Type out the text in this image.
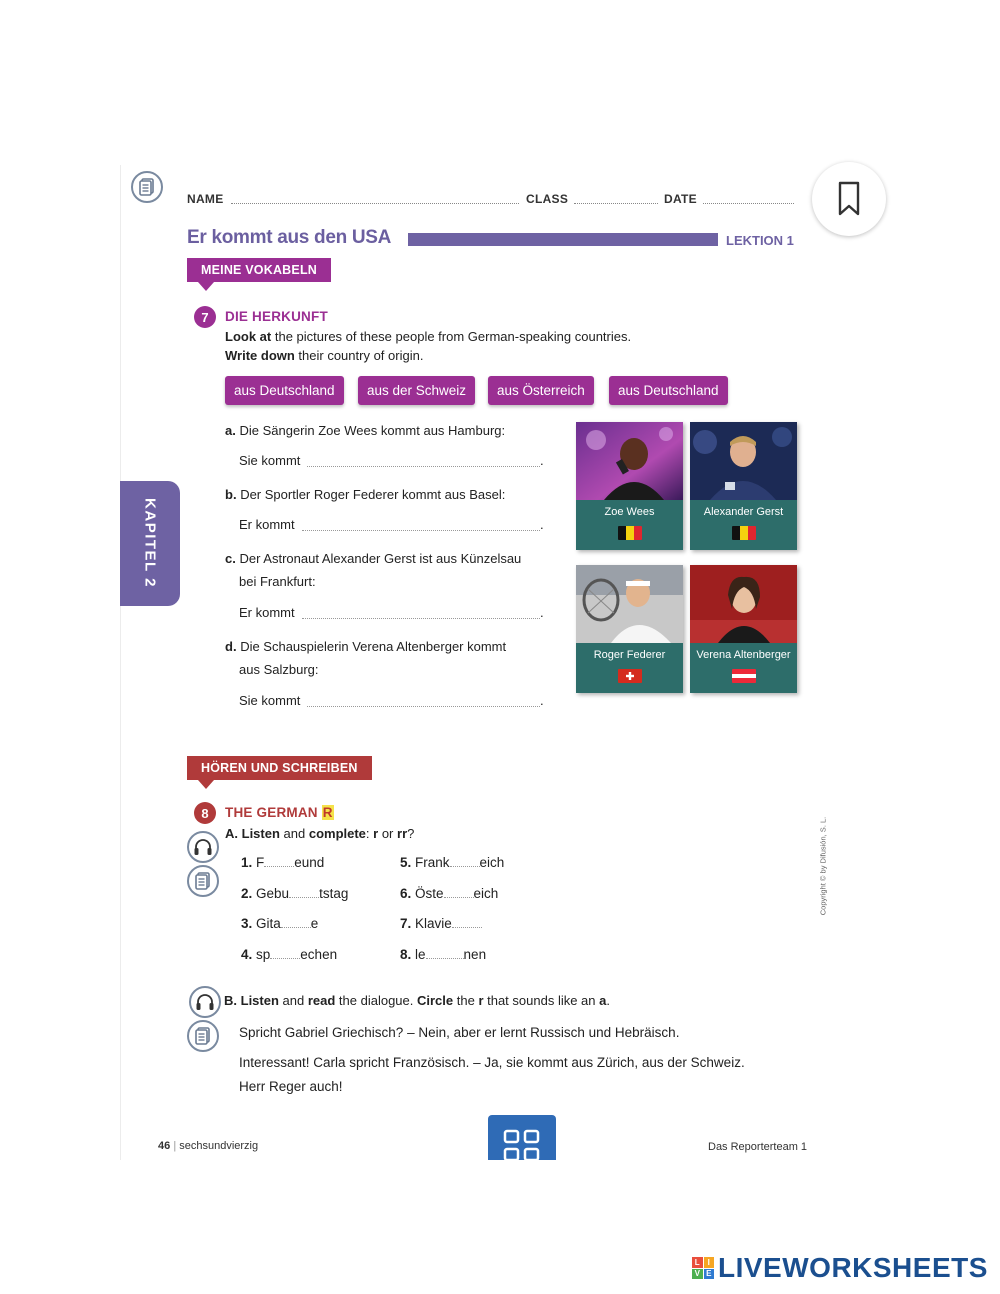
NAME	CLASS	DATE
Er kommt aus den USA	LEKTION 1
MEINE VOKABELN
7	DIE HERKUNFT
Look at the pictures of these people from German-speaking countries.
Write down their country of origin.
aus Deutschland	aus der Schweiz	aus Österreich	aus Deutschland
a. Die Sängerin Zoe Wees kommt aus Hamburg:
Sie kommt	.
b. Der Sportler Roger Federer kommt aus Basel:
Er kommt	.
c. Der Astronaut Alexander Gerst ist aus Künzelsau
bei Frankfurt:
Er kommt	.
d. Die Schauspielerin Verena Altenberger kommt
aus Salzburg:
Sie kommt	.
Zoe Wees	Alexander Gerst
Roger Federer	Verena Altenberger
KAPITEL 2
HÖREN UND SCHREIBEN
8	THE GERMAN R
A. Listen and complete: r or rr?
1. F eund
2. Gebu tstag
3. Gita e
4. sp echen
5. Frank eich
6. Öste eich
7. Klavie
8. le	nen
B. Listen and read the dialogue. Circle the r that sounds like an a.
Spricht Gabriel Griechisch? – Nein, aber er lernt Russisch und Hebräisch.
Interessant! Carla spricht Französisch. – Ja, sie kommt aus Zürich, aus der Schweiz.
Herr Reger auch!
Copyright © by Difusión, S. L.
46 | sechsundvierzig	Das Reporterteam 1
L I
V E LIVEWORKSHEETS
